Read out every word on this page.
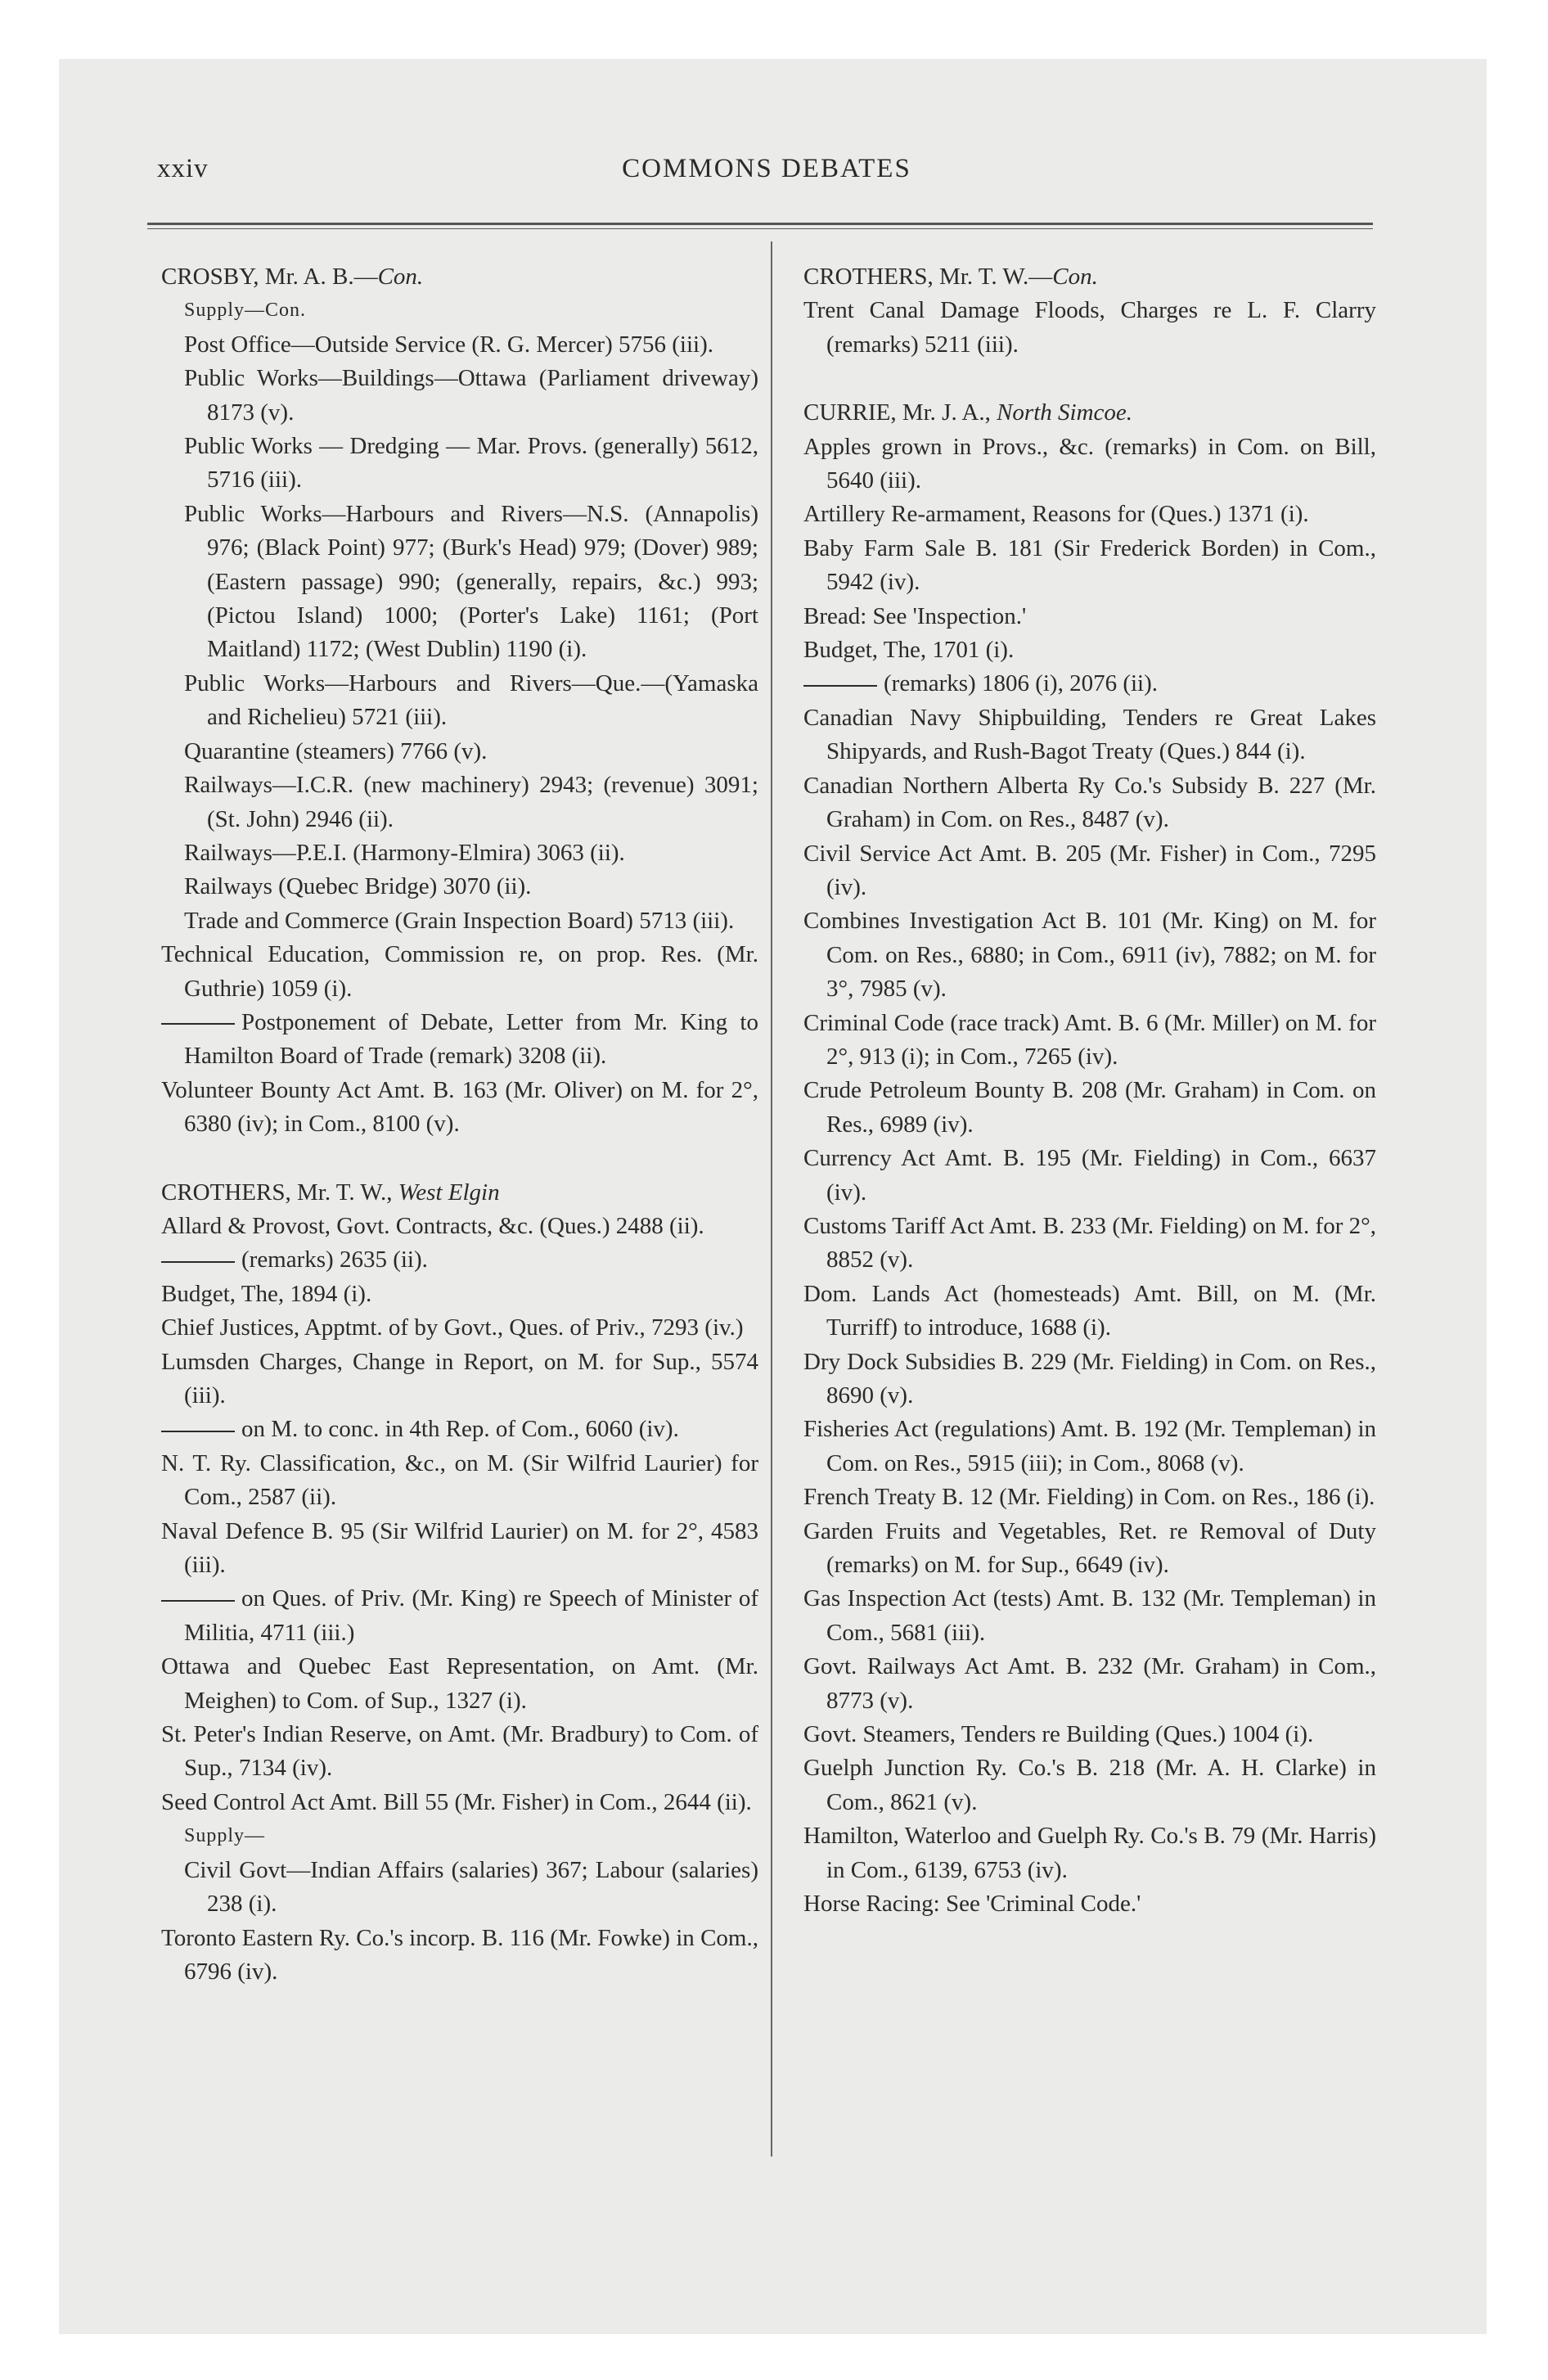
xxiv	COMMONS DEBATES

CROSBY, Mr. A. B.—Con.

Supply—Con.

Post Office—Outside Service (R. G. Mercer) 5756 (iii).

Public Works—Buildings—Ottawa (Parliament driveway) 8173 (v).

Public Works — Dredging — Mar. Provs. (generally) 5612, 5716 (iii).

Public Works—Harbours and Rivers—N.S. (Annapolis) 976; (Black Point) 977; (Burk's Head) 979; (Dover) 989; (Eastern passage) 990; (generally, repairs, &c.) 993; (Pictou Island) 1000; (Porter's Lake) 1161; (Port Maitland) 1172; (West Dublin) 1190 (i).

Public Works—Harbours and Rivers—Que.—(Yamaska and Richelieu) 5721 (iii).

Quarantine (steamers) 7766 (v).

Railways—I.C.R. (new machinery) 2943; (revenue) 3091; (St. John) 2946 (ii).

Railways—P.E.I. (Harmony-Elmira) 3063 (ii).

Railways (Quebec Bridge) 3070 (ii).

Trade and Commerce (Grain Inspection Board) 5713 (iii).

Technical Education, Commission re, on prop. Res. (Mr. Guthrie) 1059 (i).

Postponement of Debate, Letter from Mr. King to Hamilton Board of Trade (remark) 3208 (ii).

Volunteer Bounty Act Amt. B. 163 (Mr. Oliver) on M. for 2°, 6380 (iv); in Com., 8100 (v).

CROTHERS, Mr. T. W., West Elgin

Allard & Provost, Govt. Contracts, &c. (Ques.) 2488 (ii).

(remarks) 2635 (ii).

Budget, The, 1894 (i).

Chief Justices, Apptmt. of by Govt., Ques. of Priv., 7293 (iv.)

Lumsden Charges, Change in Report, on M. for Sup., 5574 (iii).

on M. to conc. in 4th Rep. of Com., 6060 (iv).

N. T. Ry. Classification, &c., on M. (Sir Wilfrid Laurier) for Com., 2587 (ii).

Naval Defence B. 95 (Sir Wilfrid Laurier) on M. for 2°, 4583 (iii).

on Ques. of Priv. (Mr. King) re Speech of Minister of Militia, 4711 (iii.)

Ottawa and Quebec East Representation, on Amt. (Mr. Meighen) to Com. of Sup., 1327 (i).

St. Peter's Indian Reserve, on Amt. (Mr. Bradbury) to Com. of Sup., 7134 (iv).

Seed Control Act Amt. Bill 55 (Mr. Fisher) in Com., 2644 (ii).

Supply—

Civil Govt—Indian Affairs (salaries) 367; Labour (salaries) 238 (i).

Toronto Eastern Ry. Co.'s incorp. B. 116 (Mr. Fowke) in Com., 6796 (iv).

CROTHERS, Mr. T. W.—Con.

Trent Canal Damage Floods, Charges re L. F. Clarry (remarks) 5211 (iii).

CURRIE, Mr. J. A., North Simcoe.

Apples grown in Provs., &c. (remarks) in Com. on Bill, 5640 (iii).

Artillery Re-armament, Reasons for (Ques.) 1371 (i).

Baby Farm Sale B. 181 (Sir Frederick Borden) in Com., 5942 (iv).

Bread: See 'Inspection.'

Budget, The, 1701 (i).

(remarks) 1806 (i), 2076 (ii).

Canadian Navy Shipbuilding, Tenders re Great Lakes Shipyards, and Rush-Bagot Treaty (Ques.) 844 (i).

Canadian Northern Alberta Ry Co.'s Subsidy B. 227 (Mr. Graham) in Com. on Res., 8487 (v).

Civil Service Act Amt. B. 205 (Mr. Fisher) in Com., 7295 (iv).

Combines Investigation Act B. 101 (Mr. King) on M. for Com. on Res., 6880; in Com., 6911 (iv), 7882; on M. for 3°, 7985 (v).

Criminal Code (race track) Amt. B. 6 (Mr. Miller) on M. for 2°, 913 (i); in Com., 7265 (iv).

Crude Petroleum Bounty B. 208 (Mr. Graham) in Com. on Res., 6989 (iv).

Currency Act Amt. B. 195 (Mr. Fielding) in Com., 6637 (iv).

Customs Tariff Act Amt. B. 233 (Mr. Fielding) on M. for 2°, 8852 (v).

Dom. Lands Act (homesteads) Amt. Bill, on M. (Mr. Turriff) to introduce, 1688 (i).

Dry Dock Subsidies B. 229 (Mr. Fielding) in Com. on Res., 8690 (v).

Fisheries Act (regulations) Amt. B. 192 (Mr. Templeman) in Com. on Res., 5915 (iii); in Com., 8068 (v).

French Treaty B. 12 (Mr. Fielding) in Com. on Res., 186 (i).

Garden Fruits and Vegetables, Ret. re Removal of Duty (remarks) on M. for Sup., 6649 (iv).

Gas Inspection Act (tests) Amt. B. 132 (Mr. Templeman) in Com., 5681 (iii).

Govt. Railways Act Amt. B. 232 (Mr. Graham) in Com., 8773 (v).

Govt. Steamers, Tenders re Building (Ques.) 1004 (i).

Guelph Junction Ry. Co.'s B. 218 (Mr. A. H. Clarke) in Com., 8621 (v).

Hamilton, Waterloo and Guelph Ry. Co.'s B. 79 (Mr. Harris) in Com., 6139, 6753 (iv).

Horse Racing: See 'Criminal Code.'
